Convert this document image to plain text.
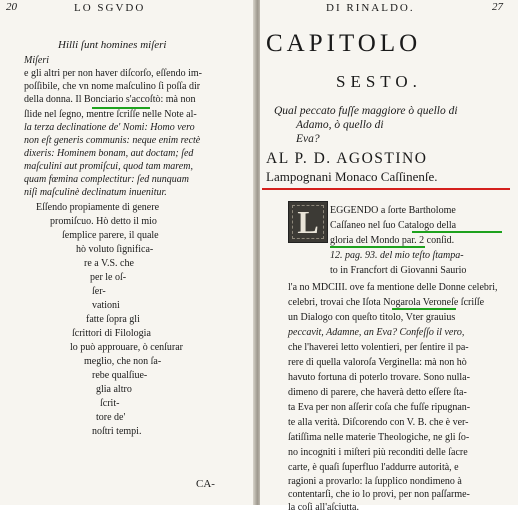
20	LO SGVDO
Hilli ſunt homines miſeri
Miſeri
e gli altri per non haver diſcorſo, eſſendo im-
poſſibile, che vn nome maſculino ſi poſſa dir
della donna. Il Bonciario s'accoſtò: mà non
ſlide nel ſegno, mentre ſcriſſe nelle Note al-
la terza declinatione de' Nomi: Homo vero
non eſt generis communis: neque enim rectè
dixeris: Hominem bonam, aut doctam; ſed
maſculini aut promiſcui, quod tam marem,
quam fœmina complectitur: ſed nunquam
niſi maſculinè declinatum inuenitur.
Eſſendo propiamente di genere
promiſcuo. Hò detto il mio
ſemplice parere, il quale
hò voluto ſignifica-
re a V.S. che
per le oſ-
ſer-
vationi
fatte ſopra gli
ſcrittori di Filologia
lo può approuare, ò cenſurar
meglio, che non ſa-
rebe qualſiue-
glia altro
ſcrit-
tore de'
noſtri tempi.
CA-
DI RINALDO.	27
CAPITOLO
SESTO.
Qual peccato fuſſe maggiore ò quello di
Adamo, ò quello di
Eva?
AL P. D. AGOSTINO
Lampognani Monaco Caſſinenſe.
L	EGGENDO a ſorte Bartholome
Caſſaneo nel ſuo Catalogo della
gloria del Mondo par. 2 conſid.
12. pag. 93. del mio teſto ſtampa-
to in Francfort di Giovanni Saurio
l'a no MDCIII. ove fa mentione delle Donne celebri,
celebri, trovai che Iſota Nogarola Veroneſe ſcriſſe
un Dialogo con queſto titolo, Vter grauius
peccavit, Adamne, an Eva? Confeſſo il vero,
che l'haverei letto volentieri, per ſentire il pa-
rere di quella valoroſa Verginella: mà non hò
havuto fortuna di poterlo trovare. Sono nulla-
dimeno di parere, che haverà detto eſſere ſta-
ta Eva per non aſſerir coſa che fuſſe ripugnan-
te alla verità. Diſcorendo con V. B. che è ver-
ſatiſſima nelle materie Theologiche, ne gli ſo-
no incogniti i miſteri più reconditi delle ſacre
carte, è quaſi ſuperfluo l'addurre autorità, e
ragioni a provarlo: la ſupplico nondimeno à
contentarſi, che io lo provi, per non paſſarme-
la coſi all'aſciutta.
